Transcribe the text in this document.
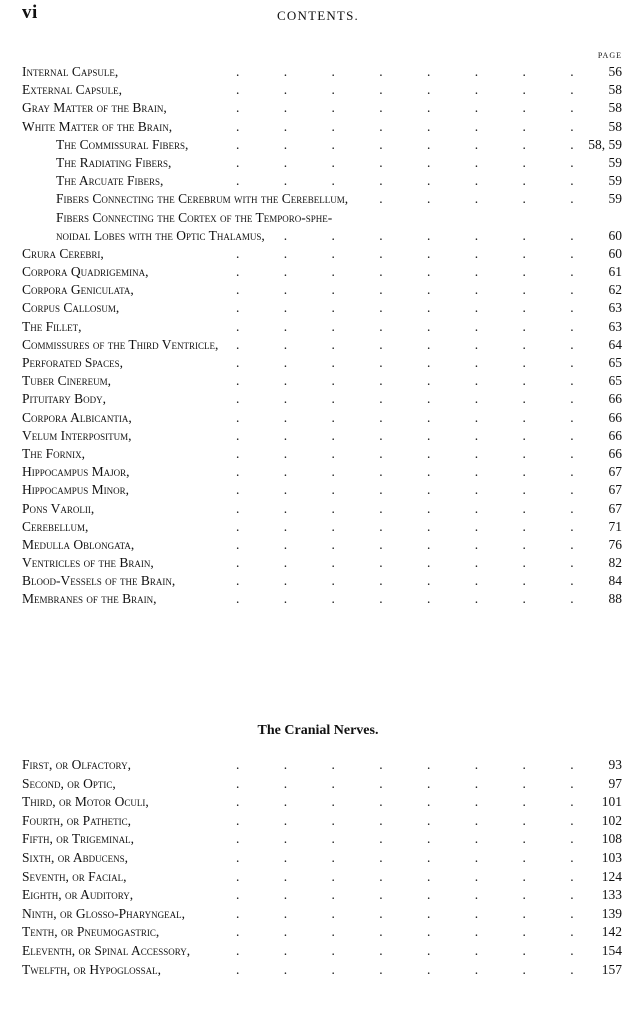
vi	CONTENTS.
PAGE
. . .
Internal Capsule,	56
. . .
External Capsule,	58
. . .
Gray Matter of the Brain,	58
. . .
White Matter of the Brain,	58
. . .
The Commissural Fibers,	58, 59
. . .
The Radiating Fibers,	59
. . .
The Arcuate Fibers,	59
. . .
Fibers Connecting the Cerebrum with the Cerebellum,	59
Fibers Connecting the Cortex of the Temporo-sphe-
. . .
noidal Lobes with the Optic Thalamus,	60
. . .
Crura Cerebri,	60
. . .
Corpora Quadrigemina,	61
. . .
Corpora Geniculata,	62
. . .
Corpus Callosum,	63
. . .
The Fillet,	63
. . .
Commissures of the Third Ventricle,	64
. . .
Perforated Spaces,	65
. . .
Tuber Cinereum,	65
. . .
Pituitary Body,	66
. . .
Corpora Albicantia,	66
. . .
Velum Interpositum,	66
. . .
The Fornix,	66
. . .
Hippocampus Major,	67
. . .
Hippocampus Minor,	67
. . .
Pons Varolii,	67
. . .
Cerebellum,	71
. . .
Medulla Oblongata,	76
. . .
Ventricles of the Brain,	82
. . .
Blood-Vessels of the Brain,	84
. . .
Membranes of the Brain,	88
The Cranial Nerves.
. . .
First, or Olfactory,	93
. . .
Second, or Optic,	97
. . .
Third, or Motor Oculi,	101
. . .
Fourth, or Pathetic,	102
. . .
Fifth, or Trigeminal,	108
. . .
Sixth, or Abducens,	103
. . .
Seventh, or Facial,	124
. . .
Eighth, or Auditory,	133
. . .
Ninth, or Glosso-Pharyngeal,	139
. . .
Tenth, or Pneumogastric,	142
. . .
Eleventh, or Spinal Accessory,	154
. . .
Twelfth, or Hypoglossal,	157
